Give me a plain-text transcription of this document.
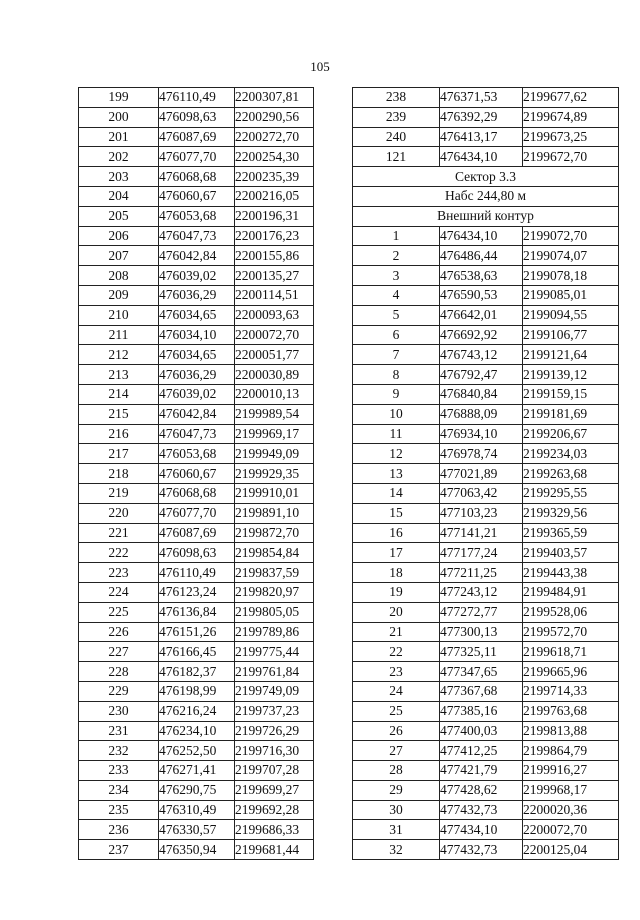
105
199	476110,49	2200307,81
200	476098,63	2200290,56
201	476087,69	2200272,70
202	476077,70	2200254,30
203	476068,68	2200235,39
204	476060,67	2200216,05
205	476053,68	2200196,31
206	476047,73	2200176,23
207	476042,84	2200155,86
208	476039,02	2200135,27
209	476036,29	2200114,51
210	476034,65	2200093,63
211	476034,10	2200072,70
212	476034,65	2200051,77
213	476036,29	2200030,89
214	476039,02	2200010,13
215	476042,84	2199989,54
216	476047,73	2199969,17
217	476053,68	2199949,09
218	476060,67	2199929,35
219	476068,68	2199910,01
220	476077,70	2199891,10
221	476087,69	2199872,70
222	476098,63	2199854,84
223	476110,49	2199837,59
224	476123,24	2199820,97
225	476136,84	2199805,05
226	476151,26	2199789,86
227	476166,45	2199775,44
228	476182,37	2199761,84
229	476198,99	2199749,09
230	476216,24	2199737,23
231	476234,10	2199726,29
232	476252,50	2199716,30
233	476271,41	2199707,28
234	476290,75	2199699,27
235	476310,49	2199692,28
236	476330,57	2199686,33
237	476350,94	2199681,44
238	476371,53	2199677,62
239	476392,29	2199674,89
240	476413,17	2199673,25
121	476434,10	2199672,70
Сектор 3.3		
Набс 244,80 м		
Внешний контур		
1	476434,10	2199072,70
2	476486,44	2199074,07
3	476538,63	2199078,18
4	476590,53	2199085,01
5	476642,01	2199094,55
6	476692,92	2199106,77
7	476743,12	2199121,64
8	476792,47	2199139,12
9	476840,84	2199159,15
10	476888,09	2199181,69
11	476934,10	2199206,67
12	476978,74	2199234,03
13	477021,89	2199263,68
14	477063,42	2199295,55
15	477103,23	2199329,56
16	477141,21	2199365,59
17	477177,24	2199403,57
18	477211,25	2199443,38
19	477243,12	2199484,91
20	477272,77	2199528,06
21	477300,13	2199572,70
22	477325,11	2199618,71
23	477347,65	2199665,96
24	477367,68	2199714,33
25	477385,16	2199763,68
26	477400,03	2199813,88
27	477412,25	2199864,79
28	477421,79	2199916,27
29	477428,62	2199968,17
30	477432,73	2200020,36
31	477434,10	2200072,70
32	477432,73	2200125,04
